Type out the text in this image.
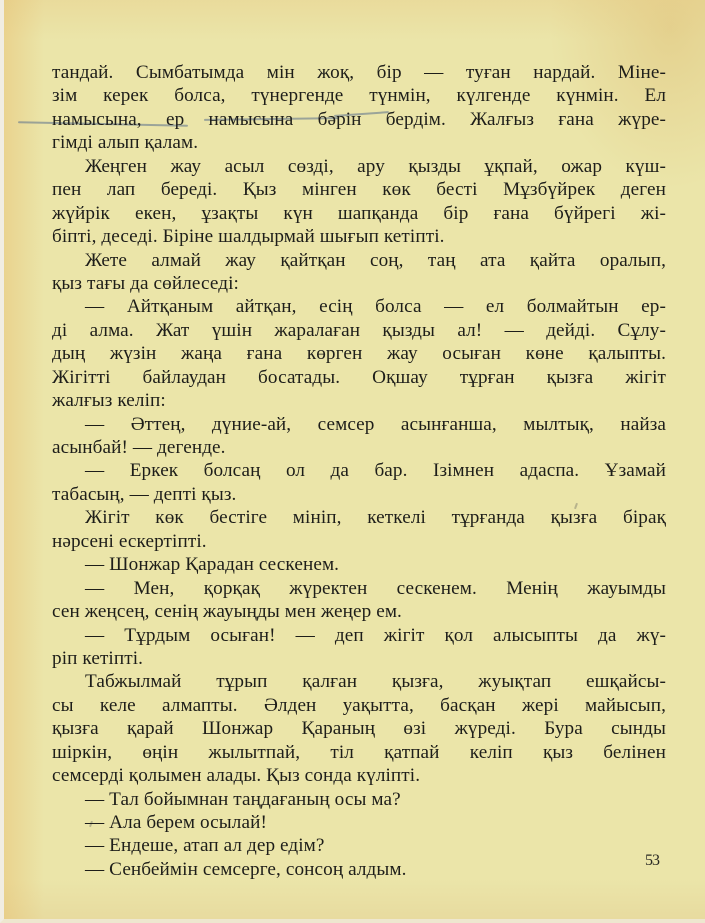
тандай. Сымбатымда мін жоқ, бір — туған нардай. Міне-
зім керек болса, түнергенде түнмін, күлгенде күнмін. Ел
намысына, ер намысына бәрін бердім. Жалғыз ғана жүре-
гімді алып қалам.
Жеңген жау асыл сөзді, ару қызды ұқпай, ожар күш-
пен лап береді. Қыз мінген көк бесті Мұзбүйрек деген
жүйрік екен, ұзақты күн шапқанда бір ғана бүйрегі жі-
біпті, деседі. Біріне шалдырмай шығып кетіпті.
Жете алмай жау қайтқан соң, таң ата қайта оралып,
қыз тағы да сөйлеседі:
— Айтқаным айтқан, есің болса — ел болмайтын ер-
ді алма. Жат үшін жаралаған қызды ал! — дейді. Сұлу-
дың жүзін жаңа ғана көрген жау осыған көне қалыпты.
Жігітті байлаудан босатады. Оқшау тұрған қызға жігіт
жалғыз келіп:
— Әттең, дүние-ай, семсер асынғанша, мылтық, найза
асынбай! — дегенде.
— Еркек болсаң ол да бар. Ізімнен адаспа. Ұзамай
табасың, — депті қыз.
Жігіт көк бестіге мініп, кеткелі тұрғанда қызға бірақ
нәрсені ескертіпті.
— Шонжар Қарадан сескенем.
— Мен, қорқақ жүректен сескенем. Менің жауымды
сен жеңсең, сенің жауыңды мен жеңер ем.
— Тұрдым осыған! — деп жігіт қол алысыпты да жү-
ріп кетіпті.
Табжылмай тұрып қалған қызға, жуықтап ешқайсы-
сы келе алмапты. Әлден уақытта, басқан жері майысып,
қызға қарай Шонжар Қараның өзі жүреді. Бура сынды
шіркін, өңін жылытпай, тіл қатпай келіп қыз белінен
семсерді қолымен алады. Қыз сонда күліпті.
— Тал бойымнан таңдағаның осы ма?
— Ала берем осылай!
— Ендеше, атап ал дер едім?
— Сенбеймін семсерге, сонсоң алдым.	53
